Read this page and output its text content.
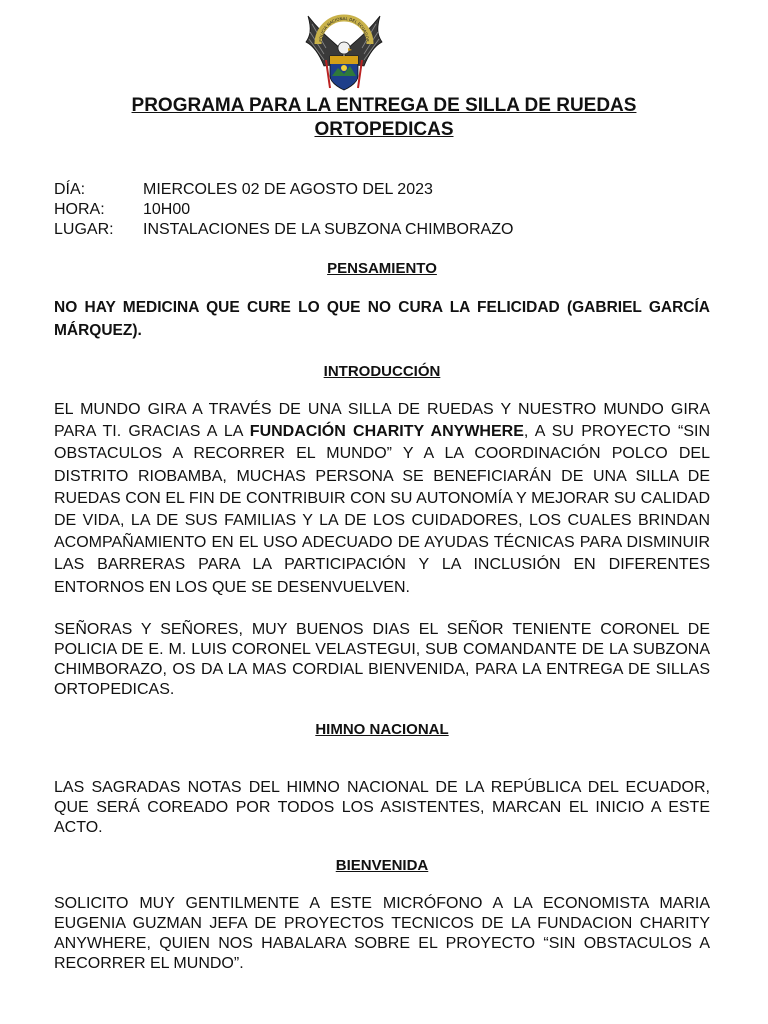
POLICIA NACIONAL DEL ECUADOR
PROGRAMA PARA LA ENTREGA DE SILLA DE RUEDAS ORTOPEDICAS
DÍA:	MIERCOLES 02 DE AGOSTO DEL 2023
HORA:	10H00
LUGAR:	INSTALACIONES DE LA SUBZONA CHIMBORAZO
PENSAMIENTO

NO HAY MEDICINA QUE CURE LO QUE NO CURA LA FELICIDAD (GABRIEL GARCÍA MÁRQUEZ).

INTRODUCCIÓN

EL MUNDO GIRA A TRAVÉS DE UNA SILLA DE RUEDAS Y NUESTRO MUNDO GIRA PARA TI. GRACIAS A LA FUNDACIÓN CHARITY ANYWHERE, A SU PROYECTO “SIN OBSTACULOS A RECORRER EL MUNDO” Y A LA COORDINACIÓN POLCO DEL DISTRITO RIOBAMBA, MUCHAS PERSONA SE BENEFICIARÁN DE UNA SILLA DE RUEDAS CON EL FIN DE CONTRIBUIR CON SU AUTONOMÍA Y MEJORAR SU CALIDAD DE VIDA, LA DE SUS FAMILIAS Y LA DE LOS CUIDADORES, LOS CUALES BRINDAN ACOMPAÑAMIENTO EN EL USO ADECUADO DE AYUDAS TÉCNICAS PARA DISMINUIR LAS BARRERAS PARA LA PARTICIPACIÓN Y LA INCLUSIÓN EN DIFERENTES ENTORNOS EN LOS QUE SE DESENVUELVEN.

SEÑORAS Y SEÑORES, MUY BUENOS DIAS EL SEÑOR TENIENTE CORONEL DE POLICIA DE E. M. LUIS CORONEL VELASTEGUI, SUB COMANDANTE DE LA SUBZONA CHIMBORAZO, OS DA LA MAS CORDIAL BIENVENIDA, PARA LA ENTREGA DE SILLAS ORTOPEDICAS.

HIMNO NACIONAL

LAS SAGRADAS NOTAS DEL HIMNO NACIONAL DE LA REPÚBLICA DEL ECUADOR, QUE SERÁ COREADO POR TODOS LOS ASISTENTES, MARCAN EL INICIO A ESTE ACTO.

BIENVENIDA

SOLICITO MUY GENTILMENTE A ESTE MICRÓFONO A LA ECONOMISTA MARIA EUGENIA GUZMAN JEFA DE PROYECTOS TECNICOS DE LA FUNDACION CHARITY ANYWHERE, QUIEN NOS HABALARA SOBRE EL PROYECTO “SIN OBSTACULOS A RECORRER EL MUNDO”.
